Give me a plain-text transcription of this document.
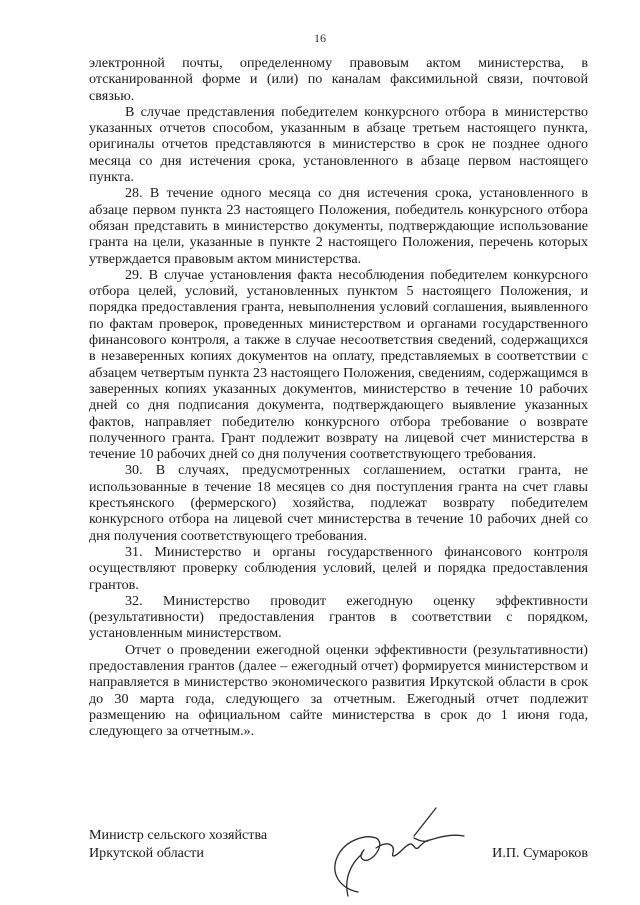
16

электронной почты, определенному правовым актом министерства, в отсканированной форме и (или) по каналам факсимильной связи, почтовой связью.

В случае представления победителем конкурсного отбора в министерство указанных отчетов способом, указанным в абзаце третьем настоящего пункта, оригиналы отчетов представляются в министерство в срок не позднее одного месяца со дня истечения срока, установленного в абзаце первом настоящего пункта.

28. В течение одного месяца со дня истечения срока, установленного в абзаце первом пункта 23 настоящего Положения, победитель конкурсного отбора обязан представить в министерство документы, подтверждающие использование гранта на цели, указанные в пункте 2 настоящего Положения, перечень которых утверждается правовым актом министерства.

29. В случае установления факта несоблюдения победителем конкурсного отбора целей, условий, установленных пунктом 5 настоящего Положения, и порядка предоставления гранта, невыполнения условий соглашения, выявленного по фактам проверок, проведенных министерством и органами государственного финансового контроля, а также в случае несоответствия сведений, содержащихся в незаверенных копиях документов на оплату, представляемых в соответствии с абзацем четвертым пункта 23 настоящего Положения, сведениям, содержащимся в заверенных копиях указанных документов, министерство в течение 10 рабочих дней со дня подписания документа, подтверждающего выявление указанных фактов, направляет победителю конкурсного отбора требование о возврате полученного гранта. Грант подлежит возврату на лицевой счет министерства в течение 10 рабочих дней со дня получения соответствующего требования.

30. В случаях, предусмотренных соглашением, остатки гранта, не использованные в течение 18 месяцев со дня поступления гранта на счет главы крестьянского (фермерского) хозяйства, подлежат возврату победителем конкурсного отбора на лицевой счет министерства в течение 10 рабочих дней со дня получения соответствующего требования.

31. Министерство и органы государственного финансового контроля осуществляют проверку соблюдения условий, целей и порядка предоставления грантов.

32. Министерство проводит ежегодную оценку эффективности (результативности) предоставления грантов в соответствии с порядком, установленным министерством.

Отчет о проведении ежегодной оценки эффективности (результативности) предоставления грантов (далее – ежегодный отчет) формируется министерством и направляется в министерство экономического развития Иркутской области в срок до 30 марта года, следующего за отчетным. Ежегодный отчет подлежит размещению на официальном сайте министерства в срок до 1 июня года, следующего за отчетным.».

Министр сельского хозяйства
Иркутской области	И.П. Сумароков
